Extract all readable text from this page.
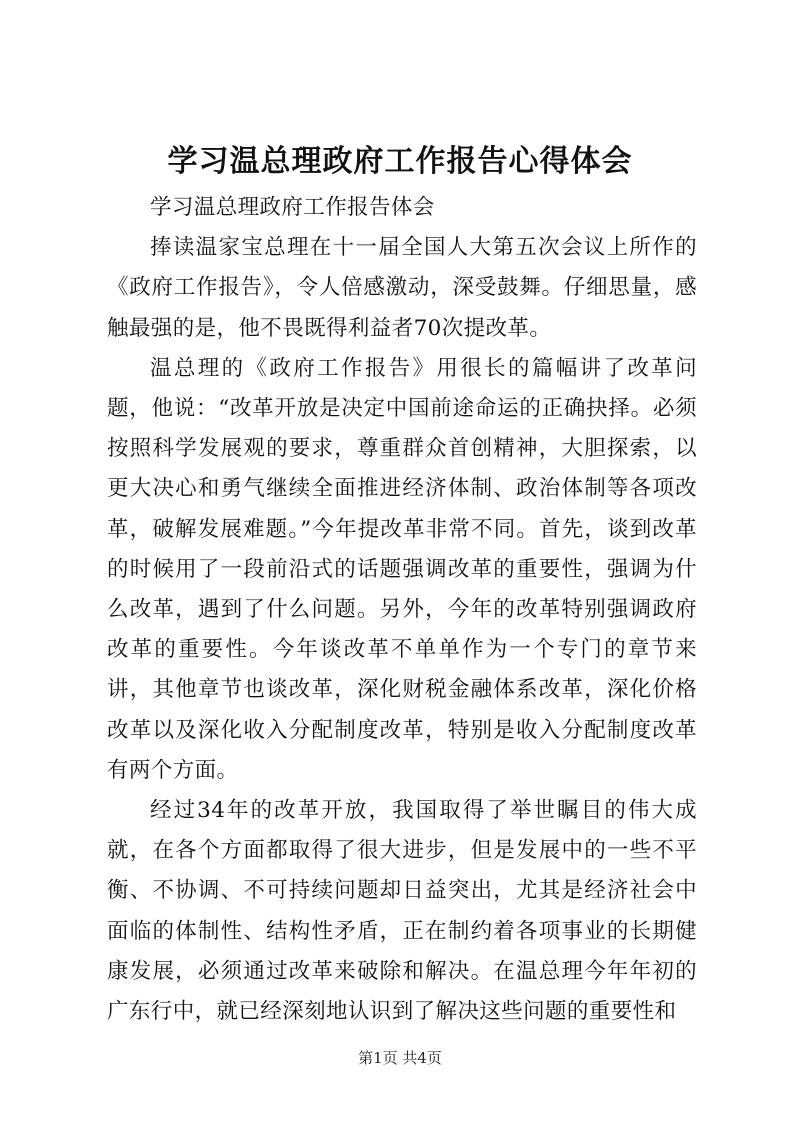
学习温总理政府工作报告心得体会

学习温总理政府工作报告体会

捧读温家宝总理在十一届全国人大第五次会议上所作的《政府工作报告》，令人倍感激动，深受鼓舞。仔细思量，感触最强的是，他不畏既得利益者70次提改革。

温总理的《政府工作报告》用很长的篇幅讲了改革问题，他说：“改革开放是决定中国前途命运的正确抉择。必须按照科学发展观的要求，尊重群众首创精神，大胆探索，以更大决心和勇气继续全面推进经济体制、政治体制等各项改革，破解发展难题。”今年提改革非常不同。首先，谈到改革的时候用了一段前沿式的话题强调改革的重要性，强调为什么改革，遇到了什么问题。另外，今年的改革特别强调政府改革的重要性。今年谈改革不单单作为一个专门的章节来讲，其他章节也谈改革，深化财税金融体系改革，深化价格改革以及深化收入分配制度改革，特别是收入分配制度改革有两个方面。

经过34年的改革开放，我国取得了举世瞩目的伟大成就，在各个方面都取得了很大进步，但是发展中的一些不平衡、不协调、不可持续问题却日益突出，尤其是经济社会中面临的体制性、结构性矛盾，正在制约着各项事业的长期健康发展，必须通过改革来破除和解决。在温总理今年年初的广东行中，就已经深刻地认识到了解决这些问题的重要性和

第1页 共4页
